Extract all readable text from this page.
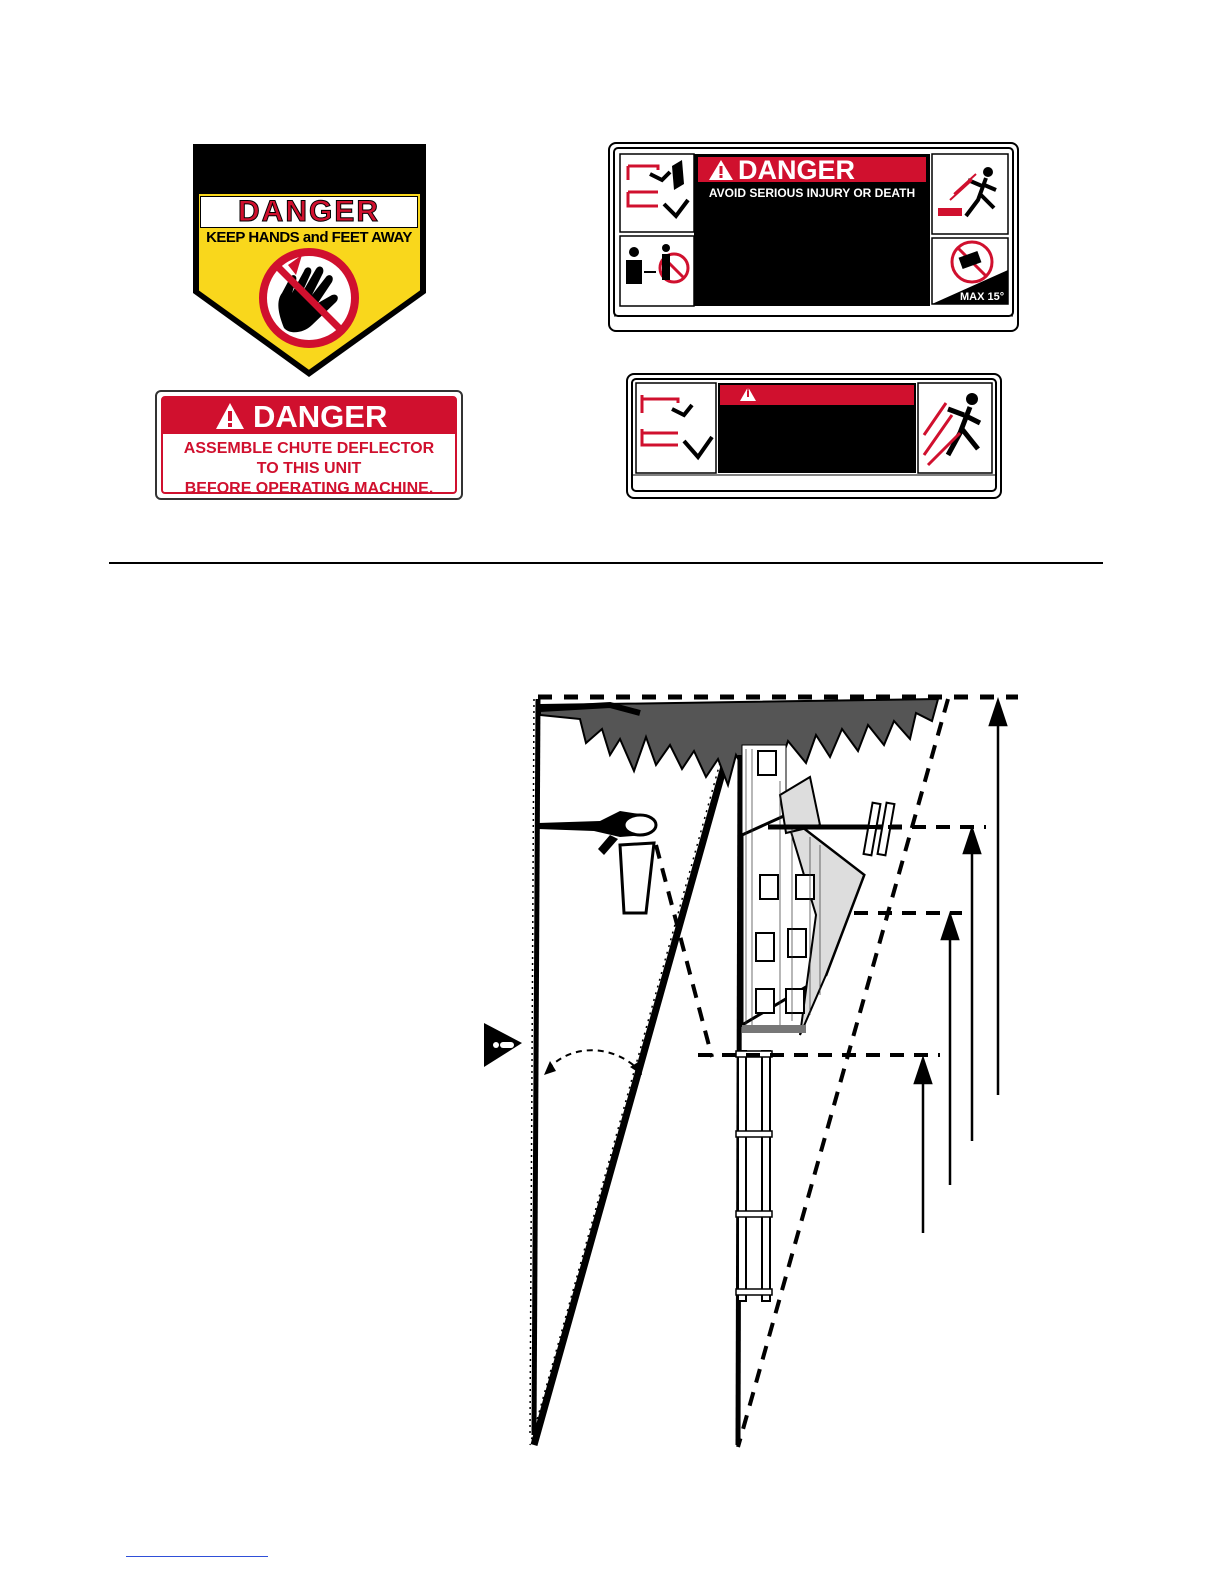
DANGER
KEEP HANDS and FEET AWAY
DANGER
ASSEMBLE CHUTE DEFLECTOR
TO THIS UNIT
BEFORE OPERATING MACHINE.
DANGER
AVOID SERIOUS INJURY OR DEATH
MAX 15°
!
